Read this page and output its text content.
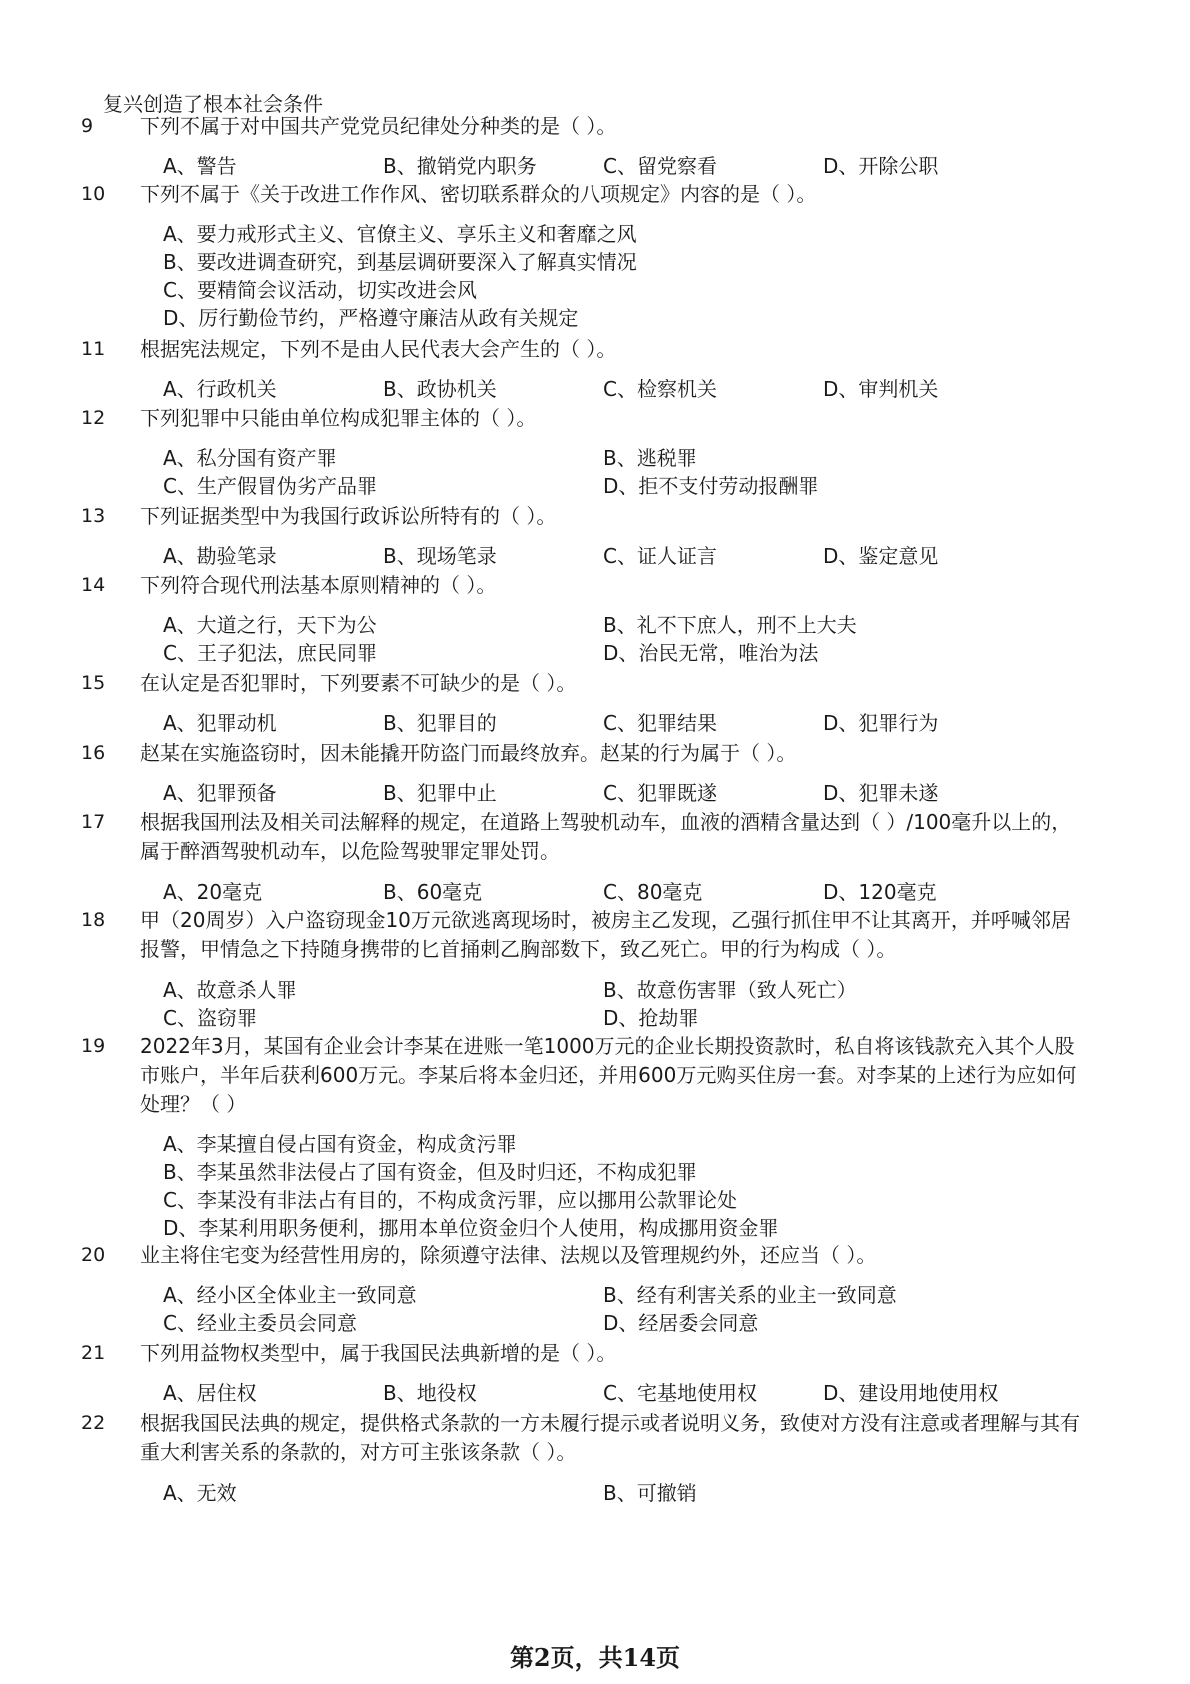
复兴创造了根本社会条件
9	下列不属于对中国共产党党员纪律处分种类的是（ ）。
A、警告	B、撤销党内职务	C、留党察看	D、开除公职
10	下列不属于《关于改进工作作风、密切联系群众的八项规定》内容的是（ ）。
A、要力戒形式主义、官僚主义、享乐主义和奢靡之风
B、要改进调查研究，到基层调研要深入了解真实情况
C、要精简会议活动，切实改进会风
D、厉行勤俭节约，严格遵守廉洁从政有关规定
11	根据宪法规定，下列不是由人民代表大会产生的（ ）。
A、行政机关	B、政协机关	C、检察机关	D、审判机关
12	下列犯罪中只能由单位构成犯罪主体的（ ）。
A、私分国有资产罪	B、逃税罪
C、生产假冒伪劣产品罪	D、拒不支付劳动报酬罪
13	下列证据类型中为我国行政诉讼所特有的（ ）。
A、勘验笔录	B、现场笔录	C、证人证言	D、鉴定意见
14	下列符合现代刑法基本原则精神的（ ）。
A、大道之行，天下为公	B、礼不下庶人，刑不上大夫
C、王子犯法，庶民同罪	D、治民无常，唯治为法
15	在认定是否犯罪时，下列要素不可缺少的是（ ）。
A、犯罪动机	B、犯罪目的	C、犯罪结果	D、犯罪行为
16	赵某在实施盗窃时，因未能撬开防盗门而最终放弃。赵某的行为属于（ ）。
A、犯罪预备	B、犯罪中止	C、犯罪既遂	D、犯罪未遂
17	根据我国刑法及相关司法解释的规定，在道路上驾驶机动车，血液的酒精含量达到（ ）/100毫升以上的，属于醉酒驾驶机动车，以危险驾驶罪定罪处罚。
A、20毫克	B、60毫克	C、80毫克	D、120毫克
18	甲（20周岁）入户盗窃现金10万元欲逃离现场时，被房主乙发现，乙强行抓住甲不让其离开，并呼喊邻居报警，甲情急之下持随身携带的匕首捅刺乙胸部数下，致乙死亡。甲的行为构成（ ）。
A、故意杀人罪	B、故意伤害罪（致人死亡）
C、盗窃罪	D、抢劫罪
19	2022年3月，某国有企业会计李某在进账一笔1000万元的企业长期投资款时，私自将该钱款充入其个人股市账户，半年后获利600万元。李某后将本金归还，并用600万元购买住房一套。对李某的上述行为应如何处理？（ ）
A、李某擅自侵占国有资金，构成贪污罪
B、李某虽然非法侵占了国有资金，但及时归还，不构成犯罪
C、李某没有非法占有目的，不构成贪污罪，应以挪用公款罪论处
D、李某利用职务便利，挪用本单位资金归个人使用，构成挪用资金罪
20	业主将住宅变为经营性用房的，除须遵守法律、法规以及管理规约外，还应当（ ）。
A、经小区全体业主一致同意	B、经有利害关系的业主一致同意
C、经业主委员会同意	D、经居委会同意
21	下列用益物权类型中，属于我国民法典新增的是（ ）。
A、居住权	B、地役权	C、宅基地使用权	D、建设用地使用权
22	根据我国民法典的规定，提供格式条款的一方未履行提示或者说明义务，致使对方没有注意或者理解与其有重大利害关系的条款的，对方可主张该条款（ ）。
A、无效	B、可撤销
第2页，共14页
